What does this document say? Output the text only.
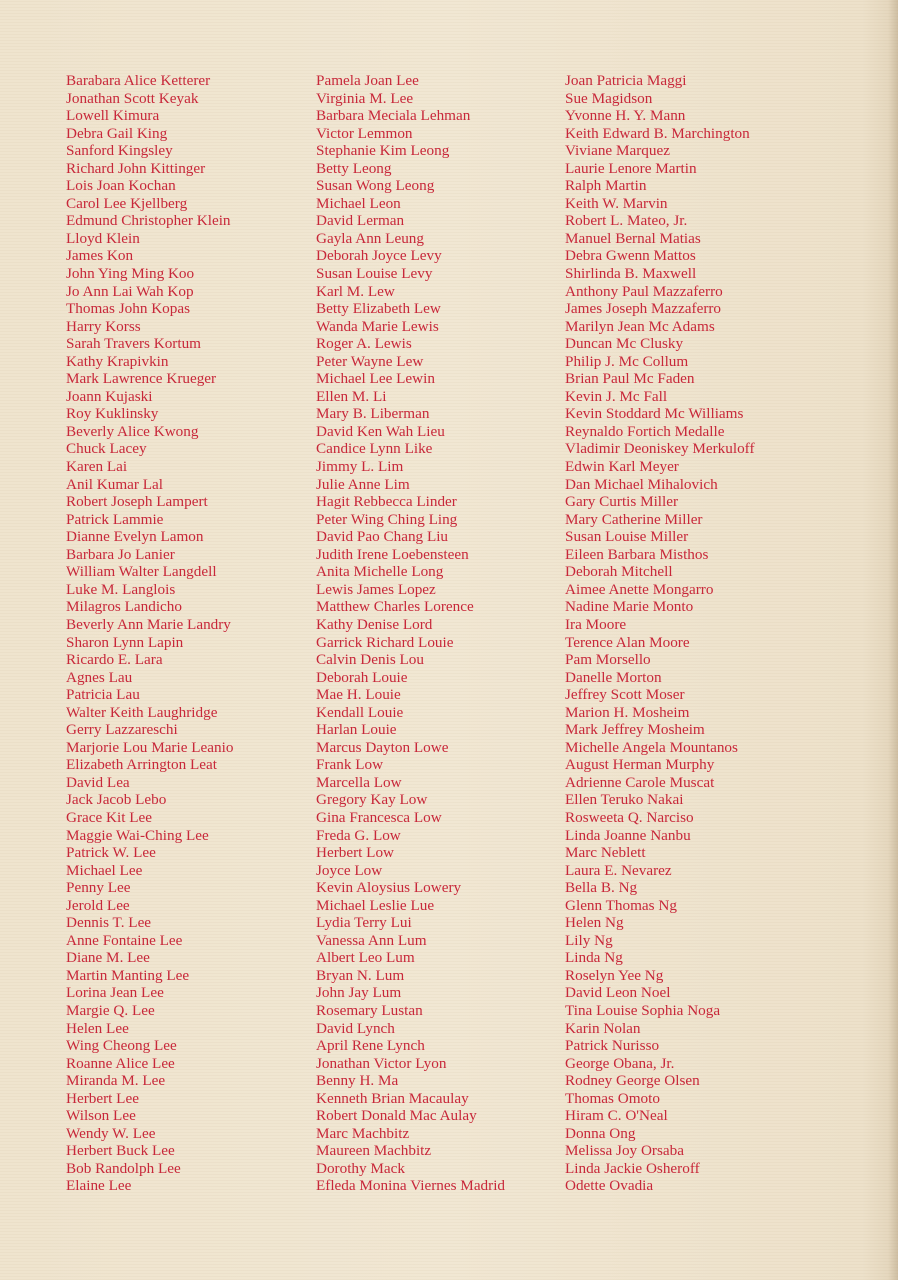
Barabara Alice Ketterer
Jonathan Scott Keyak
Lowell Kimura
Debra Gail King
Sanford Kingsley
Richard John Kittinger
Lois Joan Kochan
Carol Lee Kjellberg
Edmund Christopher Klein
Lloyd Klein
James Kon
John Ying Ming Koo
Jo Ann Lai Wah Kop
Thomas John Kopas
Harry Korss
Sarah Travers Kortum
Kathy Krapivkin
Mark Lawrence Krueger
Joann Kujaski
Roy Kuklinsky
Beverly Alice Kwong
Chuck Lacey
Karen Lai
Anil Kumar Lal
Robert Joseph Lampert
Patrick Lammie
Dianne Evelyn Lamon
Barbara Jo Lanier
William Walter Langdell
Luke M. Langlois
Milagros Landicho
Beverly Ann Marie Landry
Sharon Lynn Lapin
Ricardo E. Lara
Agnes Lau
Patricia Lau
Walter Keith Laughridge
Gerry Lazzareschi
Marjorie Lou Marie Leanio
Elizabeth Arrington Leat
David Lea
Jack Jacob Lebo
Grace Kit Lee
Maggie Wai-Ching Lee
Patrick W. Lee
Michael Lee
Penny Lee
Jerold Lee
Dennis T. Lee
Anne Fontaine Lee
Diane M. Lee
Martin Manting Lee
Lorina Jean Lee
Margie Q. Lee
Helen Lee
Wing Cheong Lee
Roanne Alice Lee
Miranda M. Lee
Herbert Lee
Wilson Lee
Wendy W. Lee
Herbert Buck Lee
Bob Randolph Lee
Elaine Lee
Pamela Joan Lee
Virginia M. Lee
Barbara Meciala Lehman
Victor Lemmon
Stephanie Kim Leong
Betty Leong
Susan Wong Leong
Michael Leon
David Lerman
Gayla Ann Leung
Deborah Joyce Levy
Susan Louise Levy
Karl M. Lew
Betty Elizabeth Lew
Wanda Marie Lewis
Roger A. Lewis
Peter Wayne Lew
Michael Lee Lewin
Ellen M. Li
Mary B. Liberman
David Ken Wah Lieu
Candice Lynn Like
Jimmy L. Lim
Julie Anne Lim
Hagit Rebbecca Linder
Peter Wing Ching Ling
David Pao Chang Liu
Judith Irene Loebensteen
Anita Michelle Long
Lewis James Lopez
Matthew Charles Lorence
Kathy Denise Lord
Garrick Richard Louie
Calvin Denis Lou
Deborah Louie
Mae H. Louie
Kendall Louie
Harlan Louie
Marcus Dayton Lowe
Frank Low
Marcella Low
Gregory Kay Low
Gina Francesca Low
Freda G. Low
Herbert Low
Joyce Low
Kevin Aloysius Lowery
Michael Leslie Lue
Lydia Terry Lui
Vanessa Ann Lum
Albert Leo Lum
Bryan N. Lum
John Jay Lum
Rosemary Lustan
David Lynch
April Rene Lynch
Jonathan Victor Lyon
Benny H. Ma
Kenneth Brian Macaulay
Robert Donald Mac Aulay
Marc Machbitz
Maureen Machbitz
Dorothy Mack
Efleda Monina Viernes Madrid
Joan Patricia Maggi
Sue Magidson
Yvonne H. Y. Mann
Keith Edward B. Marchington
Viviane Marquez
Laurie Lenore Martin
Ralph Martin
Keith W. Marvin
Robert L. Mateo, Jr.
Manuel Bernal Matias
Debra Gwenn Mattos
Shirlinda B. Maxwell
Anthony Paul Mazzaferro
James Joseph Mazzaferro
Marilyn Jean Mc Adams
Duncan Mc Clusky
Philip J. Mc Collum
Brian Paul Mc Faden
Kevin J. Mc Fall
Kevin Stoddard Mc Williams
Reynaldo Fortich Medalle
Vladimir Deoniskey Merkuloff
Edwin Karl Meyer
Dan Michael Mihalovich
Gary Curtis Miller
Mary Catherine Miller
Susan Louise Miller
Eileen Barbara Misthos
Deborah Mitchell
Aimee Anette Mongarro
Nadine Marie Monto
Ira Moore
Terence Alan Moore
Pam Morsello
Danelle Morton
Jeffrey Scott Moser
Marion H. Mosheim
Mark Jeffrey Mosheim
Michelle Angela Mountanos
August Herman Murphy
Adrienne Carole Muscat
Ellen Teruko Nakai
Rosweeta Q. Narciso
Linda Joanne Nanbu
Marc Neblett
Laura E. Nevarez
Bella B. Ng
Glenn Thomas Ng
Helen Ng
Lily Ng
Linda Ng
Roselyn Yee Ng
David Leon Noel
Tina Louise Sophia Noga
Karin Nolan
Patrick Nurisso
George Obana, Jr.
Rodney George Olsen
Thomas Omoto
Hiram C. O'Neal
Donna Ong
Melissa Joy Orsaba
Linda Jackie Osheroff
Odette Ovadia
